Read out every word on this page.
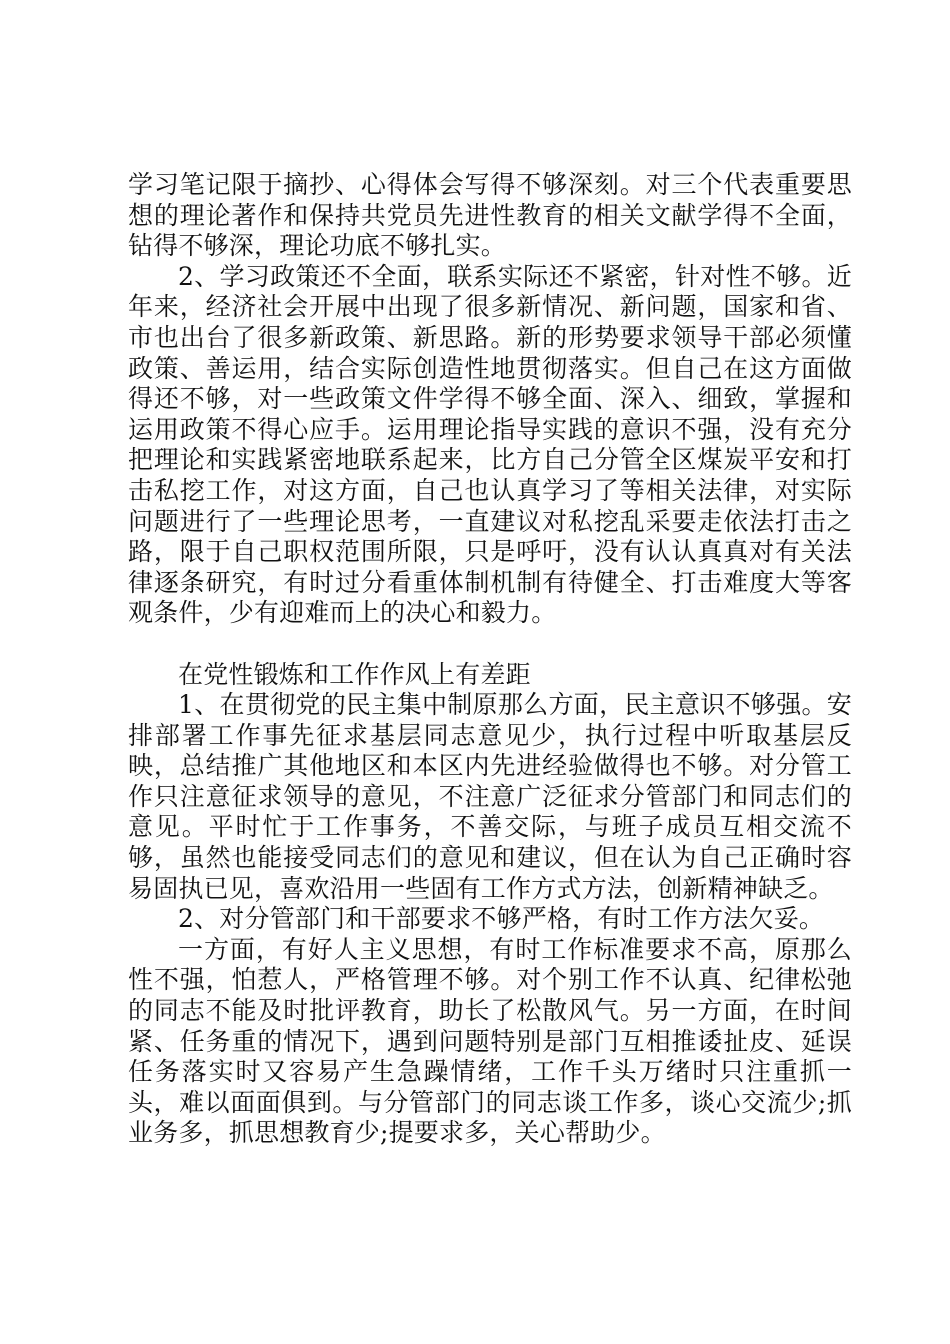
学习笔记限于摘抄、心得体会写得不够深刻。对三个代表重要思想的理论著作和保持共党员先进性教育的相关文献学得不全面，钻得不够深，理论功底不够扎实。

2、学习政策还不全面，联系实际还不紧密，针对性不够。近年来，经济社会开展中出现了很多新情况、新问题，国家和省、市也出台了很多新政策、新思路。新的形势要求领导干部必须懂政策、善运用，结合实际创造性地贯彻落实。但自己在这方面做得还不够，对一些政策文件学得不够全面、深入、细致，掌握和运用政策不得心应手。运用理论指导实践的意识不强，没有充分把理论和实践紧密地联系起来，比方自己分管全区煤炭平安和打击私挖工作，对这方面，自己也认真学习了等相关法律，对实际问题进行了一些理论思考，一直建议对私挖乱采要走依法打击之路，限于自己职权范围所限，只是呼吁，没有认认真真对有关法律逐条研究，有时过分看重体制机制有待健全、打击难度大等客观条件，少有迎难而上的决心和毅力。

在党性锻炼和工作作风上有差距

1、在贯彻党的民主集中制原那么方面，民主意识不够强。安排部署工作事先征求基层同志意见少，执行过程中听取基层反映，总结推广其他地区和本区内先进经验做得也不够。对分管工作只注意征求领导的意见，不注意广泛征求分管部门和同志们的意见。平时忙于工作事务，不善交际，与班子成员互相交流不够，虽然也能接受同志们的意见和建议，但在认为自己正确时容易固执已见，喜欢沿用一些固有工作方式方法，创新精神缺乏。

2、对分管部门和干部要求不够严格，有时工作方法欠妥。

一方面，有好人主义思想，有时工作标准要求不高，原那么性不强，怕惹人，严格管理不够。对个别工作不认真、纪律松弛的同志不能及时批评教育，助长了松散风气。另一方面，在时间紧、任务重的情况下，遇到问题特别是部门互相推诿扯皮、延误任务落实时又容易产生急躁情绪，工作千头万绪时只注重抓一头，难以面面俱到。与分管部门的同志谈工作多，谈心交流少;抓业务多，抓思想教育少;提要求多，关心帮助少。
